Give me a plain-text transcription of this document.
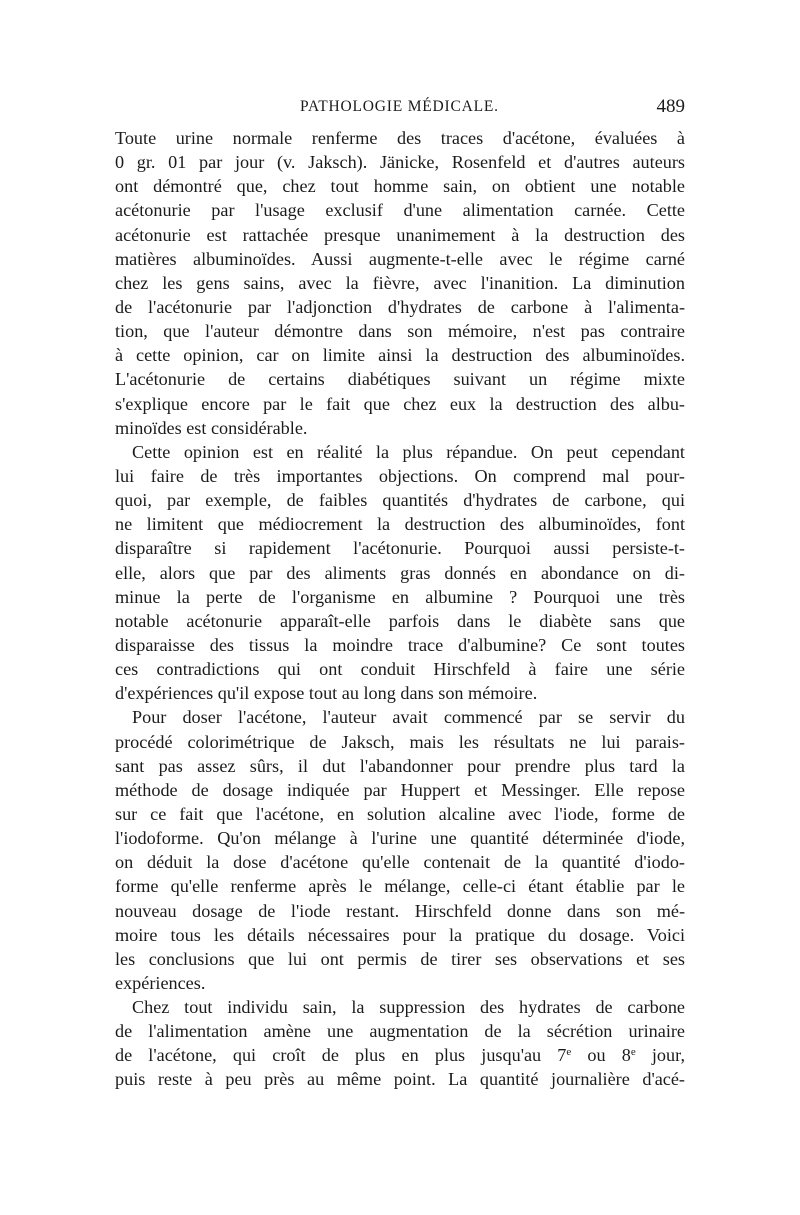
PATHOLOGIE MÉDICALE.	489
Toute urine normale renferme des traces d'acétone, évaluées à
0 gr. 01 par jour (v. Jaksch). Jänicke, Rosenfeld et d'autres auteurs
ont démontré que, chez tout homme sain, on obtient une notable
acétonurie par l'usage exclusif d'une alimentation carnée. Cette
acétonurie est rattachée presque unanimement à la destruction des
matières albuminoïdes. Aussi augmente-t-elle avec le régime carné
chez les gens sains, avec la fièvre, avec l'inanition. La diminution
de l'acétonurie par l'adjonction d'hydrates de carbone à l'alimenta-
tion, que l'auteur démontre dans son mémoire, n'est pas contraire
à cette opinion, car on limite ainsi la destruction des albuminoïdes.
L'acétonurie de certains diabétiques suivant un régime mixte
s'explique encore par le fait que chez eux la destruction des albu-
minoïdes est considérable.
Cette opinion est en réalité la plus répandue. On peut cependant
lui faire de très importantes objections. On comprend mal pour-
quoi, par exemple, de faibles quantités d'hydrates de carbone, qui
ne limitent que médiocrement la destruction des albuminoïdes, font
disparaître si rapidement l'acétonurie. Pourquoi aussi persiste-t-
elle, alors que par des aliments gras donnés en abondance on di-
minue la perte de l'organisme en albumine ? Pourquoi une très
notable acétonurie apparaît-elle parfois dans le diabète sans que
disparaisse des tissus la moindre trace d'albumine? Ce sont toutes
ces contradictions qui ont conduit Hirschfeld à faire une série
d'expériences qu'il expose tout au long dans son mémoire.
Pour doser l'acétone, l'auteur avait commencé par se servir du
procédé colorimétrique de Jaksch, mais les résultats ne lui parais-
sant pas assez sûrs, il dut l'abandonner pour prendre plus tard la
méthode de dosage indiquée par Huppert et Messinger. Elle repose
sur ce fait que l'acétone, en solution alcaline avec l'iode, forme de
l'iodoforme. Qu'on mélange à l'urine une quantité déterminée d'iode,
on déduit la dose d'acétone qu'elle contenait de la quantité d'iodo-
forme qu'elle renferme après le mélange, celle-ci étant établie par le
nouveau dosage de l'iode restant. Hirschfeld donne dans son mé-
moire tous les détails nécessaires pour la pratique du dosage. Voici
les conclusions que lui ont permis de tirer ses observations et ses
expériences.
Chez tout individu sain, la suppression des hydrates de carbone
de l'alimentation amène une augmentation de la sécrétion urinaire
de l'acétone, qui croît de plus en plus jusqu'au 7e ou 8e jour,
puis reste à peu près au même point. La quantité journalière d'acé-
